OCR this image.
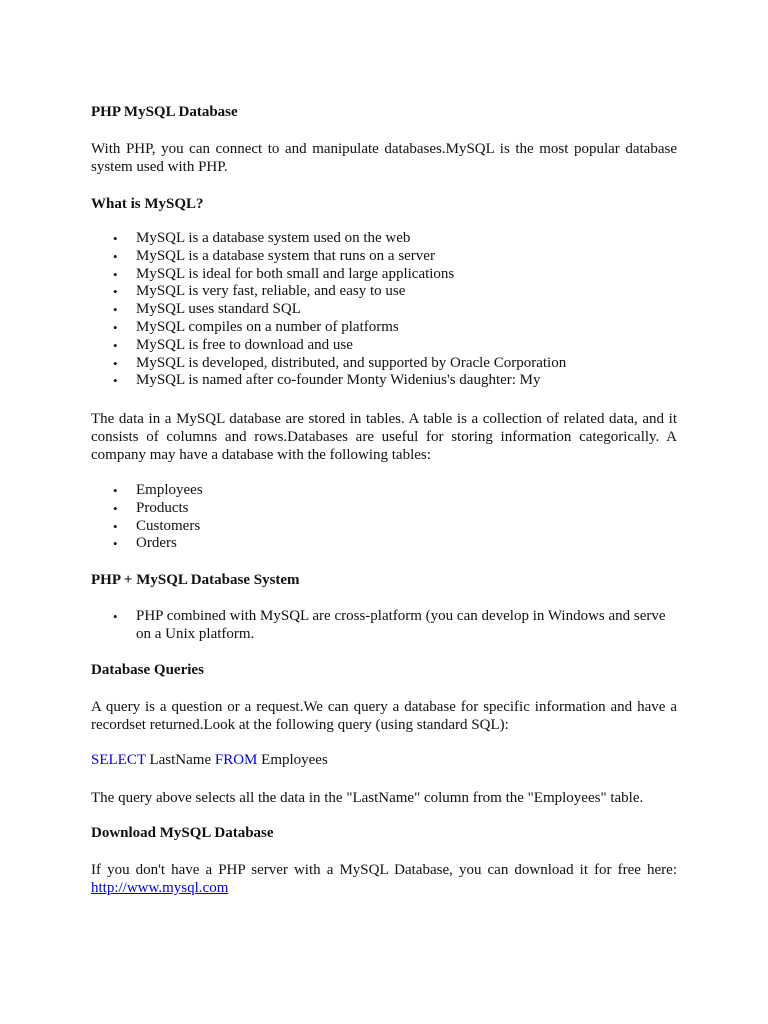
PHP MySQL Database

With PHP, you can connect to and manipulate databases.MySQL is the most popular database system used with PHP.

What is MySQL?
• MySQL is a database system used on the web
• MySQL is a database system that runs on a server
• MySQL is ideal for both small and large applications
• MySQL is very fast, reliable, and easy to use
• MySQL uses standard SQL
• MySQL compiles on a number of platforms
• MySQL is free to download and use
• MySQL is developed, distributed, and supported by Oracle Corporation
• MySQL is named after co-founder Monty Widenius's daughter: My

The data in a MySQL database are stored in tables. A table is a collection of related data, and it consists of columns and rows.Databases are useful for storing information categorically. A company may have a database with the following tables:

• Employees
• Products
• Customers
• Orders
PHP + MySQL Database System
• PHP combined with MySQL are cross-platform (you can develop in Windows and serve on a Unix platform.
Database Queries

A query is a question or a request.We can query a database for specific information and have a recordset returned.Look at the following query (using standard SQL):

SELECT LastName FROM Employees

The query above selects all the data in the "LastName" column from the "Employees" table.

Download MySQL Database

If you don't have a PHP server with a MySQL Database, you can download it for free here: http://www.mysql.com
